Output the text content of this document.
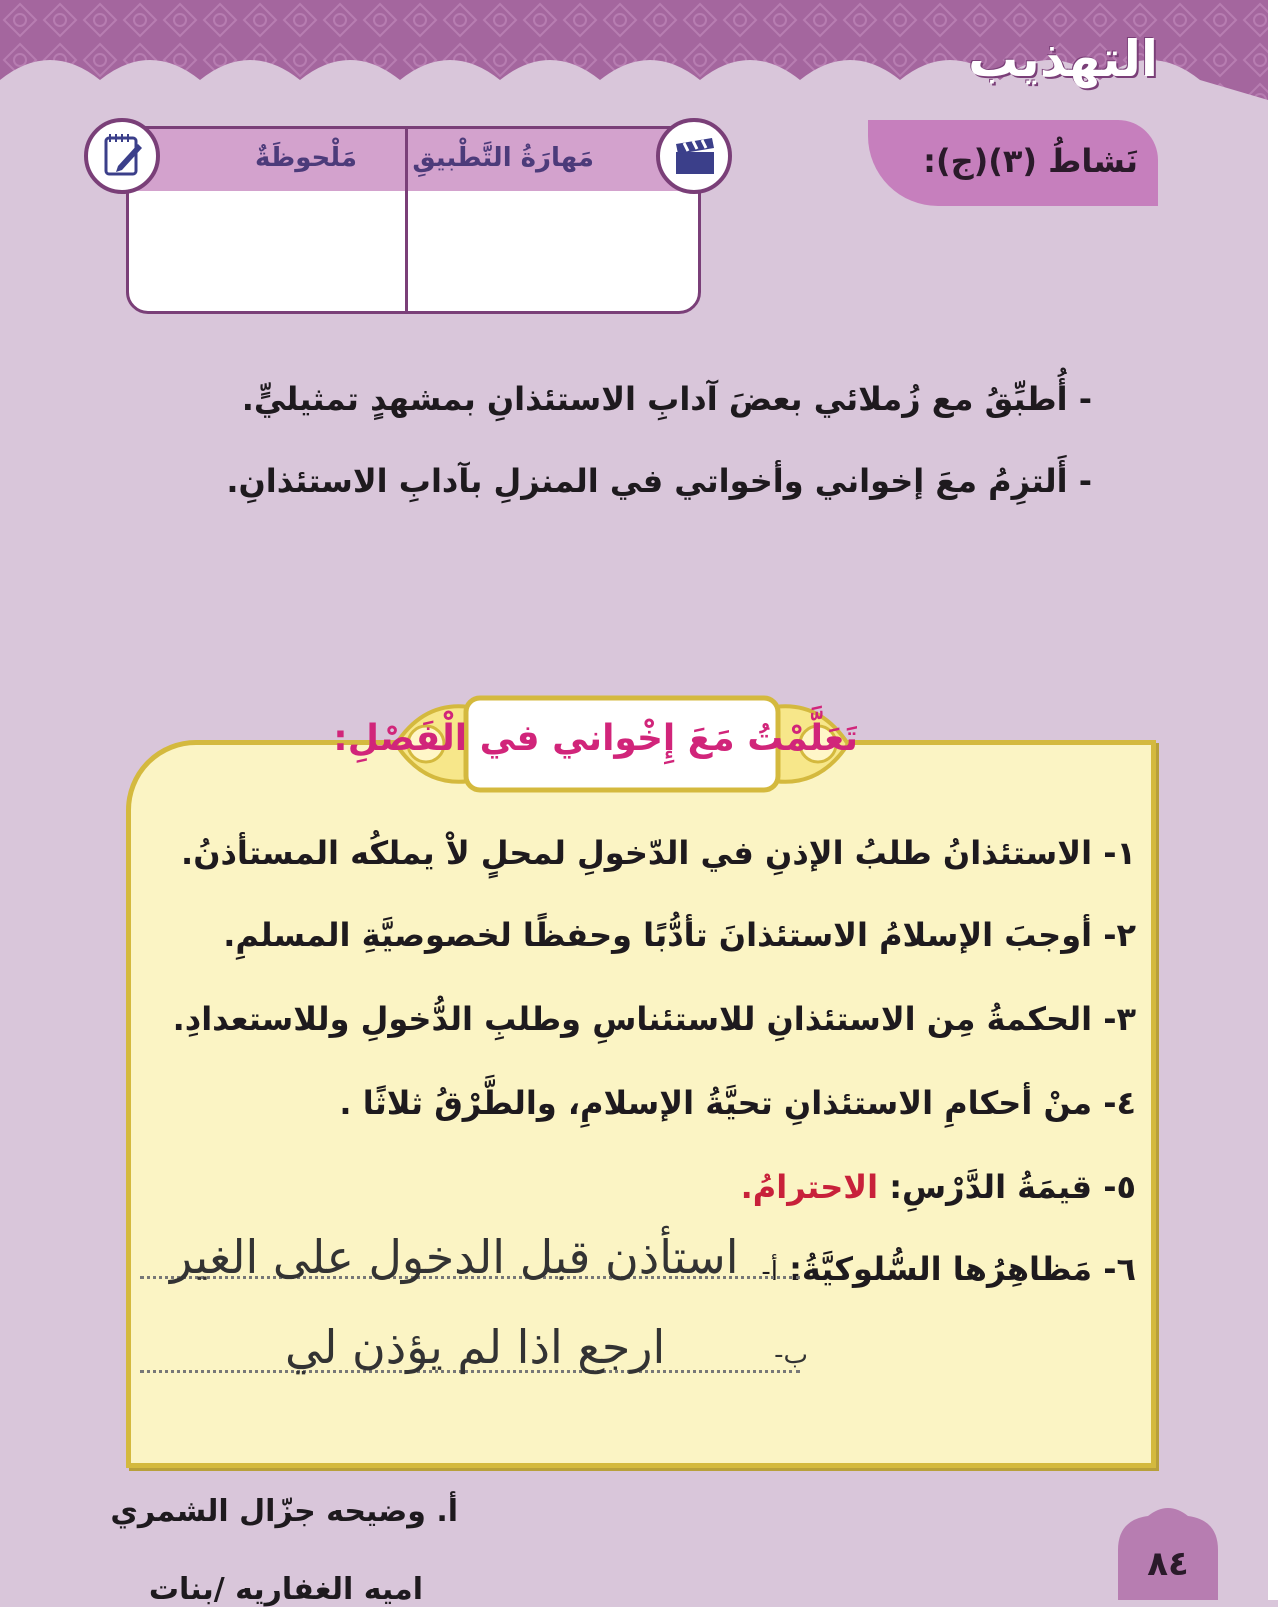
التهذيب
نَشاطُ (٣)(ج):
مَهارَةُ التَّطْبيقِ
مَلْحوظَةٌ
- أُطبِّقُ مع زُملائي بعضَ آدابِ الاستئذانِ بمشهدٍ تمثيليٍّ.
- أَلتزِمُ معَ إخواني وأخواتي في المنزلِ بآدابِ الاستئذانِ.
تَعَلَّمْتُ مَعَ إِخْواني في الْفَصْلِ:
١- الاستئذانُ طلبُ الإذنِ في الدّخولِ لمحلٍ لاْ يملكُه المستأذنُ.
٢- أوجبَ الإسلامُ الاستئذانَ تأدُّبًا وحفظًا لخصوصيَّةِ المسلمِ.
٣- الحكمةُ مِن الاستئذانِ للاستئناسِ وطلبِ الدُّخولِ وللاستعدادِ.
٤- منْ أحكامِ الاستئذانِ تحيَّةُ الإسلامِ، والطَّرْقُ ثلاثًا .
٥- قيمَةُ الدَّرْسِ: الاحترامُ.
٦- مَظاهِرُها السُّلوكيَّةُ: أ-
استأذن قبل الدخول على الغير
ب-
ارجع اذا لم يؤذن لي
أ. وضيحه جزّال الشمري
اميه الغفاريه /بنات
٨٤
